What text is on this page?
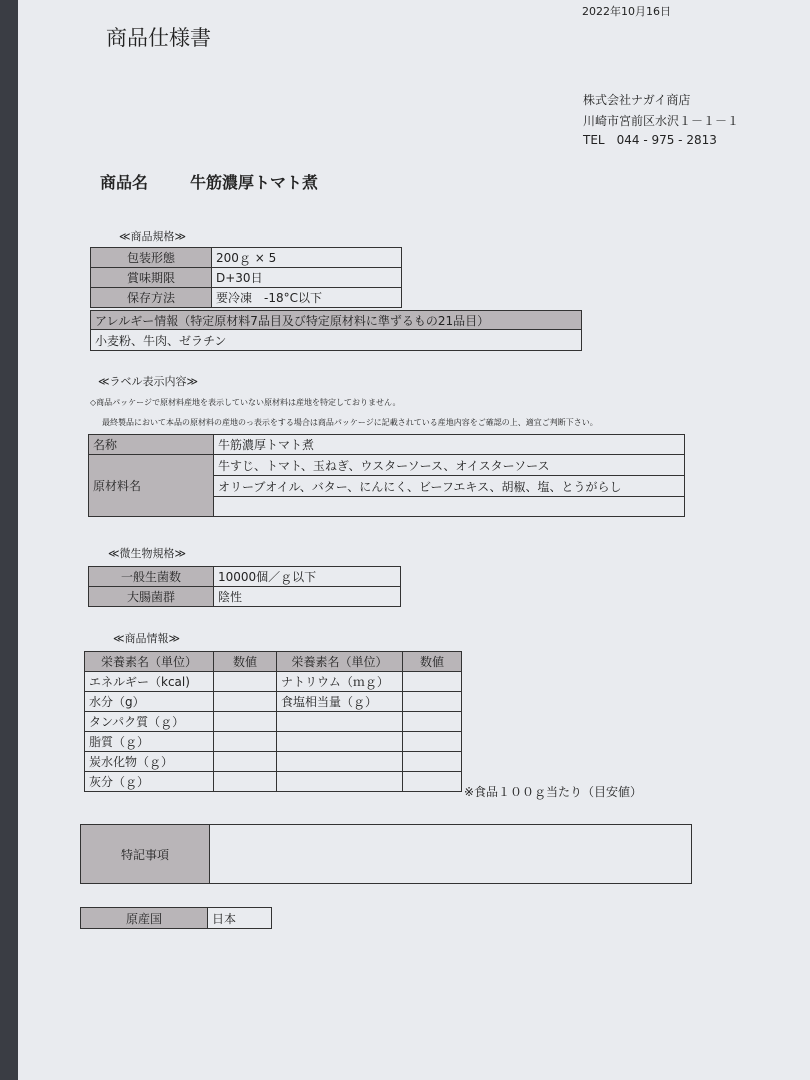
2022年10月16日
商品仕様書
株式会社ナガイ商店
川崎市宮前区水沢１－１－１
TEL　044 - 975 - 2813
商品名	牛筋濃厚トマト煮
≪商品規格≫
包装形態	200ｇ × 5
賞味期限	D+30日
保存方法	要冷凍　-18°C以下
アレルギー情報（特定原材料7品目及び特定原材料に準ずるもの21品目）
小麦粉、牛肉、ゼラチン
≪ラベル表示内容≫
◇商品パッケージで原材料産地を表示していない原材料は産地を特定しておりません。
最終製品において本品の原材料の産地のっ表示をする場合は商品パッケージに記載されている産地内容をご確認の上、適宜ご判断下さい。
名称	牛筋濃厚トマト煮
原材料名	牛すじ、トマト、玉ねぎ、ウスターソース、オイスターソース
	オリーブオイル、バター、にんにく、ビーフエキス、胡椒、塩、とうがらし

≪微生物規格≫
一般生菌数	10000個／ｇ以下
大腸菌群	陰性
≪商品情報≫
栄養素名（単位）	数値	栄養素名（単位）	数値
エネルギー（kcal)		ナトリウム（ｍｇ）	
水分（g）		食塩相当量（ｇ）	
タンパク質（ｇ）			
脂質（ｇ）			
炭水化物（ｇ）			
灰分（ｇ）			
※食品１００ｇ当たり（目安値）
特記事項	
原産国	日本
